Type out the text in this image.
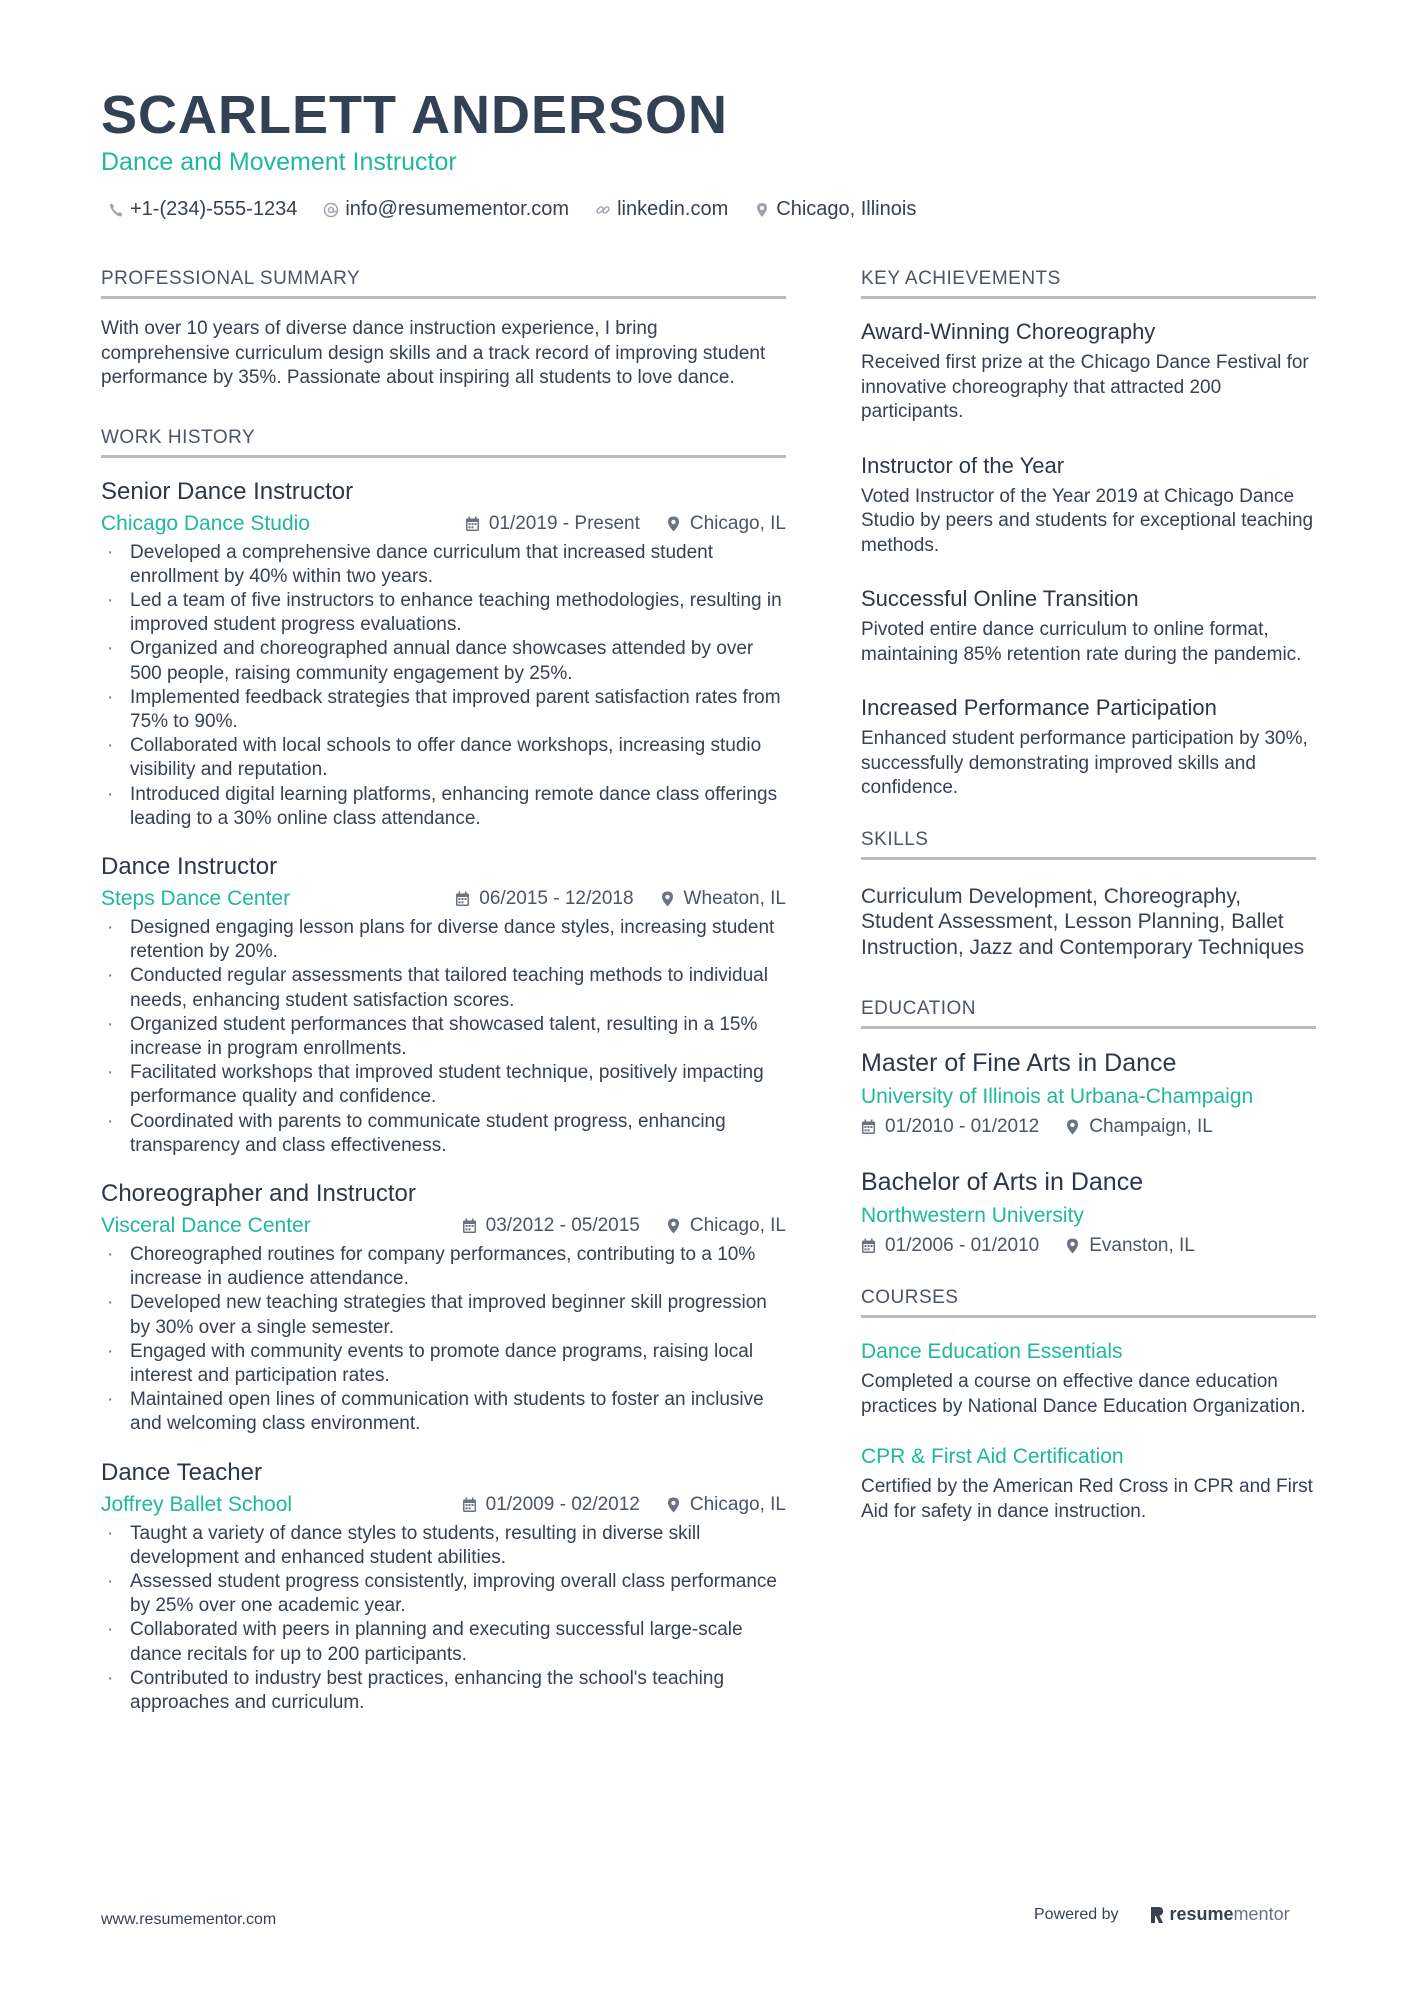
SCARLETT ANDERSON
Dance and Movement Instructor
+1-(234)-555-1234 info@resumementor.com linkedin.com Chicago, Illinois
PROFESSIONAL SUMMARY

With over 10 years of diverse dance instruction experience, I bring comprehensive curriculum design skills and a track record of improving student performance by 35%. Passionate about inspiring all students to love dance.

WORK HISTORY
Senior Dance Instructor
Chicago Dance Studio	01/2019 - Present	Chicago, IL
· Developed a comprehensive dance curriculum that increased student enrollment by 40% within two years.
· Led a team of five instructors to enhance teaching methodologies, resulting in improved student progress evaluations.
· Organized and choreographed annual dance showcases attended by over 500 people, raising community engagement by 25%.
· Implemented feedback strategies that improved parent satisfaction rates from 75% to 90%.
· Collaborated with local schools to offer dance workshops, increasing studio visibility and reputation.
· Introduced digital learning platforms, enhancing remote dance class offerings leading to a 30% online class attendance.
Dance Instructor
Steps Dance Center	06/2015 - 12/2018	Wheaton, IL
· Designed engaging lesson plans for diverse dance styles, increasing student retention by 20%.
· Conducted regular assessments that tailored teaching methods to individual needs, enhancing student satisfaction scores.
· Organized student performances that showcased talent, resulting in a 15% increase in program enrollments.
· Facilitated workshops that improved student technique, positively impacting performance quality and confidence.
· Coordinated with parents to communicate student progress, enhancing transparency and class effectiveness.
Choreographer and Instructor
Visceral Dance Center	03/2012 - 05/2015	Chicago, IL
· Choreographed routines for company performances, contributing to a 10% increase in audience attendance.
· Developed new teaching strategies that improved beginner skill progression by 30% over a single semester.
· Engaged with community events to promote dance programs, raising local interest and participation rates.
· Maintained open lines of communication with students to foster an inclusive and welcoming class environment.
Dance Teacher
Joffrey Ballet School	01/2009 - 02/2012	Chicago, IL
· Taught a variety of dance styles to students, resulting in diverse skill development and enhanced student abilities.
· Assessed student progress consistently, improving overall class performance by 25% over one academic year.
· Collaborated with peers in planning and executing successful large-scale dance recitals for up to 200 participants.
· Contributed to industry best practices, enhancing the school's teaching approaches and curriculum.
KEY ACHIEVEMENTS
Award-Winning Choreography

Received first prize at the Chicago Dance Festival for innovative choreography that attracted 200 participants.

Instructor of the Year

Voted Instructor of the Year 2019 at Chicago Dance Studio by peers and students for exceptional teaching methods.

Successful Online Transition

Pivoted entire dance curriculum to online format, maintaining 85% retention rate during the pandemic.

Increased Performance Participation

Enhanced student performance participation by 30%, successfully demonstrating improved skills and confidence.

SKILLS

Curriculum Development, Choreography, Student Assessment, Lesson Planning, Ballet Instruction, Jazz and Contemporary Techniques

EDUCATION
Master of Fine Arts in Dance
University of Illinois at Urbana-Champaign
01/2010 - 01/2012	Champaign, IL
Bachelor of Arts in Dance
Northwestern University
01/2006 - 01/2010	Evanston, IL
COURSES
Dance Education Essentials

Completed a course on effective dance education practices by National Dance Education Organization.

CPR & First Aid Certification

Certified by the American Red Cross in CPR and First Aid for safety in dance instruction.

www.resumementor.com	Powered by	resume mentor
